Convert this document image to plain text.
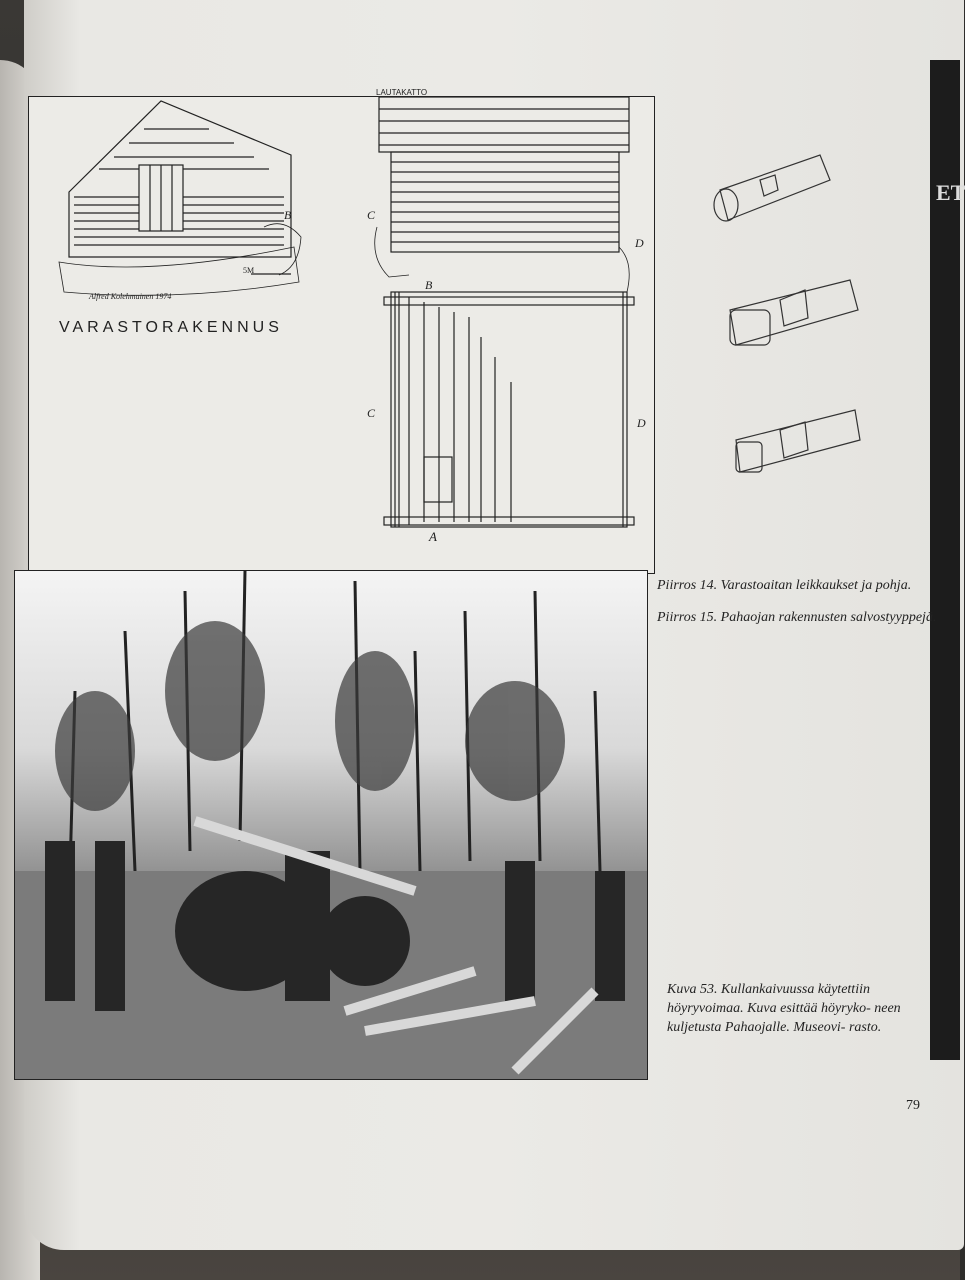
ET
LAUTAKATTO
B	C
D
B
C
D
A
5M
Alfred Kolehmainen 1974
VARASTORAKENNUS
Piirros 14. Varastoaitan leikkaukset ja pohja.
Piirros 15. Pahaojan rakennusten salvostyyppejä.
Kuva 53. Kullankaivuussa käytettiin höyryvoimaa. Kuva esittää höyryko- neen kuljetusta Pahaojalle. Museovi- rasto.
79
